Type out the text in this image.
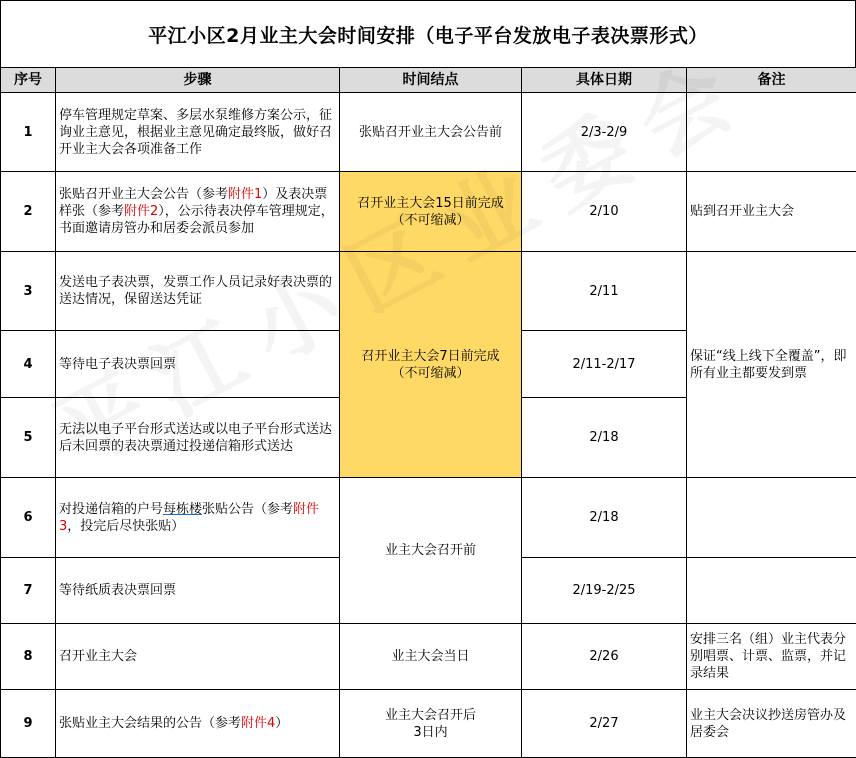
平江小区2月业主大会时间安排（电子平台发放电子表决票形式）
序号	步骤	时间结点	具体日期	备注
1	停车管理规定草案、多层水泵维修方案公示，征询业主意见，根据业主意见确定最终版，做好召开业主大会各项准备工作	张贴召开业主大会公告前	2/3-2/9	
2	张贴召开业主大会公告（参考附件1）及表决票样张（参考附件2），公示待表决停车管理规定，书面邀请房管办和居委会派员参加	召开业主大会15日前完成
（不可缩减）	2/10	贴到召开业主大会
3	发送电子表决票，发票工作人员记录好表决票的送达情况，保留送达凭证	召开业主大会7日前完成
（不可缩减）	2/11	保证“线上线下全覆盖”，即所有业主都要发到票
4	等待电子表决票回票		2/11-2/17	
5	无法以电子平台形式送达或以电子平台形式送达后未回票的表决票通过投递信箱形式送达		2/18	
6	对投递信箱的户号每栋楼张贴公告（参考附件3，投完后尽快张贴）	业主大会召开前	2/18	
7	等待纸质表决票回票		2/19-2/25	
8	召开业主大会	业主大会当日	2/26	安排三名（组）业主代表分别唱票、计票、监票，并记录结果
9	张贴业主大会结果的公告（参考附件4）	业主大会召开后
3日内	2/27	业主大会决议抄送房管办及居委会
